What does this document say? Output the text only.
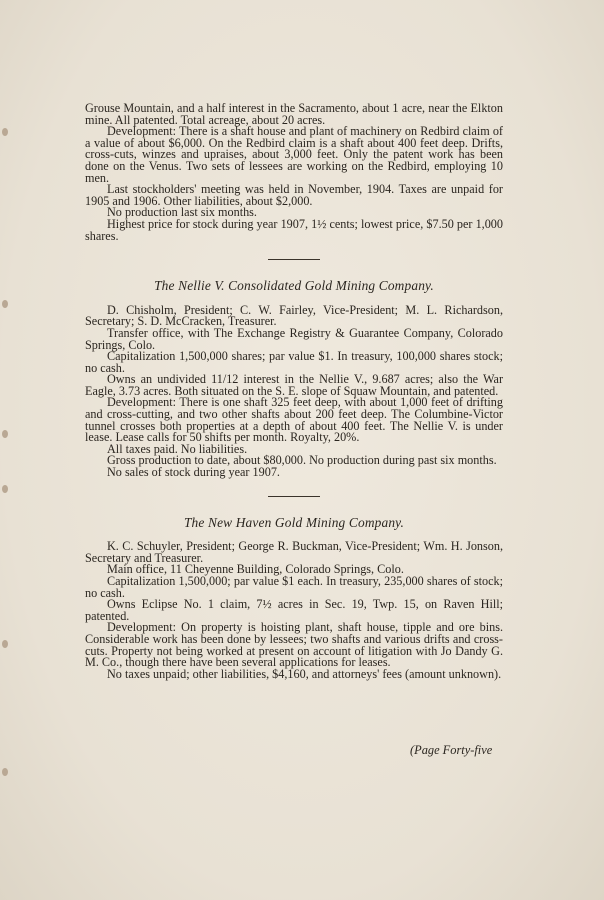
Grouse Mountain, and a half interest in the Sacramento, about 1 acre, near the Elkton mine. All patented. Total acreage, about 20 acres.

Development: There is a shaft house and plant of machinery on Redbird claim of a value of about $6,000. On the Redbird claim is a shaft about 400 feet deep. Drifts, cross-cuts, winzes and upraises, about 3,000 feet. Only the patent work has been done on the Venus. Two sets of lessees are working on the Redbird, employing 10 men.

Last stockholders' meeting was held in November, 1904. Taxes are unpaid for 1905 and 1906. Other liabilities, about $2,000.

No production last six months.

Highest price for stock during year 1907, 1½ cents; lowest price, $7.50 per 1,000 shares.

The Nellie V. Consolidated Gold Mining Company.

D. Chisholm, President; C. W. Fairley, Vice-President; M. L. Richardson, Secretary; S. D. McCracken, Treasurer.

Transfer office, with The Exchange Registry & Guarantee Company, Colorado Springs, Colo.

Capitalization 1,500,000 shares; par value $1. In treasury, 100,000 shares stock; no cash.

Owns an undivided 11/12 interest in the Nellie V., 9.687 acres; also the War Eagle, 3.73 acres. Both situated on the S. E. slope of Squaw Mountain, and patented.

Development: There is one shaft 325 feet deep, with about 1,000 feet of drifting and cross-cutting, and two other shafts about 200 feet deep. The Columbine-Victor tunnel crosses both properties at a depth of about 400 feet. The Nellie V. is under lease. Lease calls for 50 shifts per month. Royalty, 20%.

All taxes paid. No liabilities.

Gross production to date, about $80,000. No production during past six months.

No sales of stock during year 1907.

The New Haven Gold Mining Company.

K. C. Schuyler, President; George R. Buckman, Vice-President; Wm. H. Jonson, Secretary and Treasurer.

Main office, 11 Cheyenne Building, Colorado Springs, Colo.

Capitalization 1,500,000; par value $1 each. In treasury, 235,000 shares of stock; no cash.

Owns Eclipse No. 1 claim, 7½ acres in Sec. 19, Twp. 15, on Raven Hill; patented.

Development: On property is hoisting plant, shaft house, tipple and ore bins. Considerable work has been done by lessees; two shafts and various drifts and cross-cuts. Property not being worked at present on account of litigation with Jo Dandy G. M. Co., though there have been several applications for leases.

No taxes unpaid; other liabilities, $4,160, and attorneys' fees (amount unknown).

(Page Forty-five
